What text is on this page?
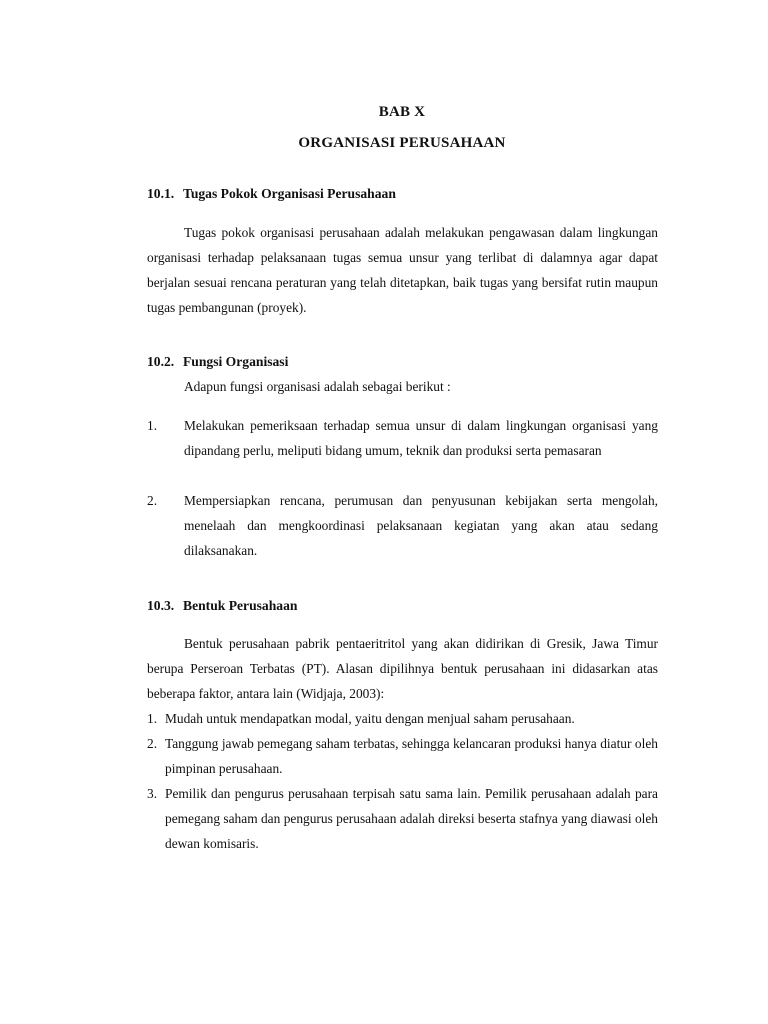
BAB X
ORGANISASI PERUSAHAAN
10.1. Tugas Pokok Organisasi Perusahaan

Tugas pokok organisasi perusahaan adalah melakukan pengawasan dalam lingkungan organisasi terhadap pelaksanaan tugas semua unsur yang terlibat di dalamnya agar dapat berjalan sesuai rencana peraturan yang telah ditetapkan, baik tugas yang bersifat rutin maupun tugas pembangunan (proyek).

10.2. Fungsi Organisasi
Adapun fungsi organisasi adalah sebagai berikut :
1. Melakukan pemeriksaan terhadap semua unsur di dalam lingkungan organisasi yang dipandang perlu, meliputi bidang umum, teknik dan produksi serta pemasaran

2. Mempersiapkan rencana, perumusan dan penyusunan kebijakan serta mengolah, menelaah dan mengkoordinasi pelaksanaan kegiatan yang akan atau sedang dilaksanakan.

10.3. Bentuk Perusahaan

Bentuk perusahaan pabrik pentaeritritol yang akan didirikan di Gresik, Jawa Timur berupa Perseroan Terbatas (PT). Alasan dipilihnya bentuk perusahaan ini didasarkan atas beberapa faktor, antara lain (Widjaja, 2003):

1. Mudah untuk mendapatkan modal, yaitu dengan menjual saham perusahaan.

2. Tanggung jawab pemegang saham terbatas, sehingga kelancaran produksi hanya diatur oleh pimpinan perusahaan.

3. Pemilik dan pengurus perusahaan terpisah satu sama lain. Pemilik perusahaan adalah para pemegang saham dan pengurus perusahaan adalah direksi beserta stafnya yang diawasi oleh dewan komisaris.
